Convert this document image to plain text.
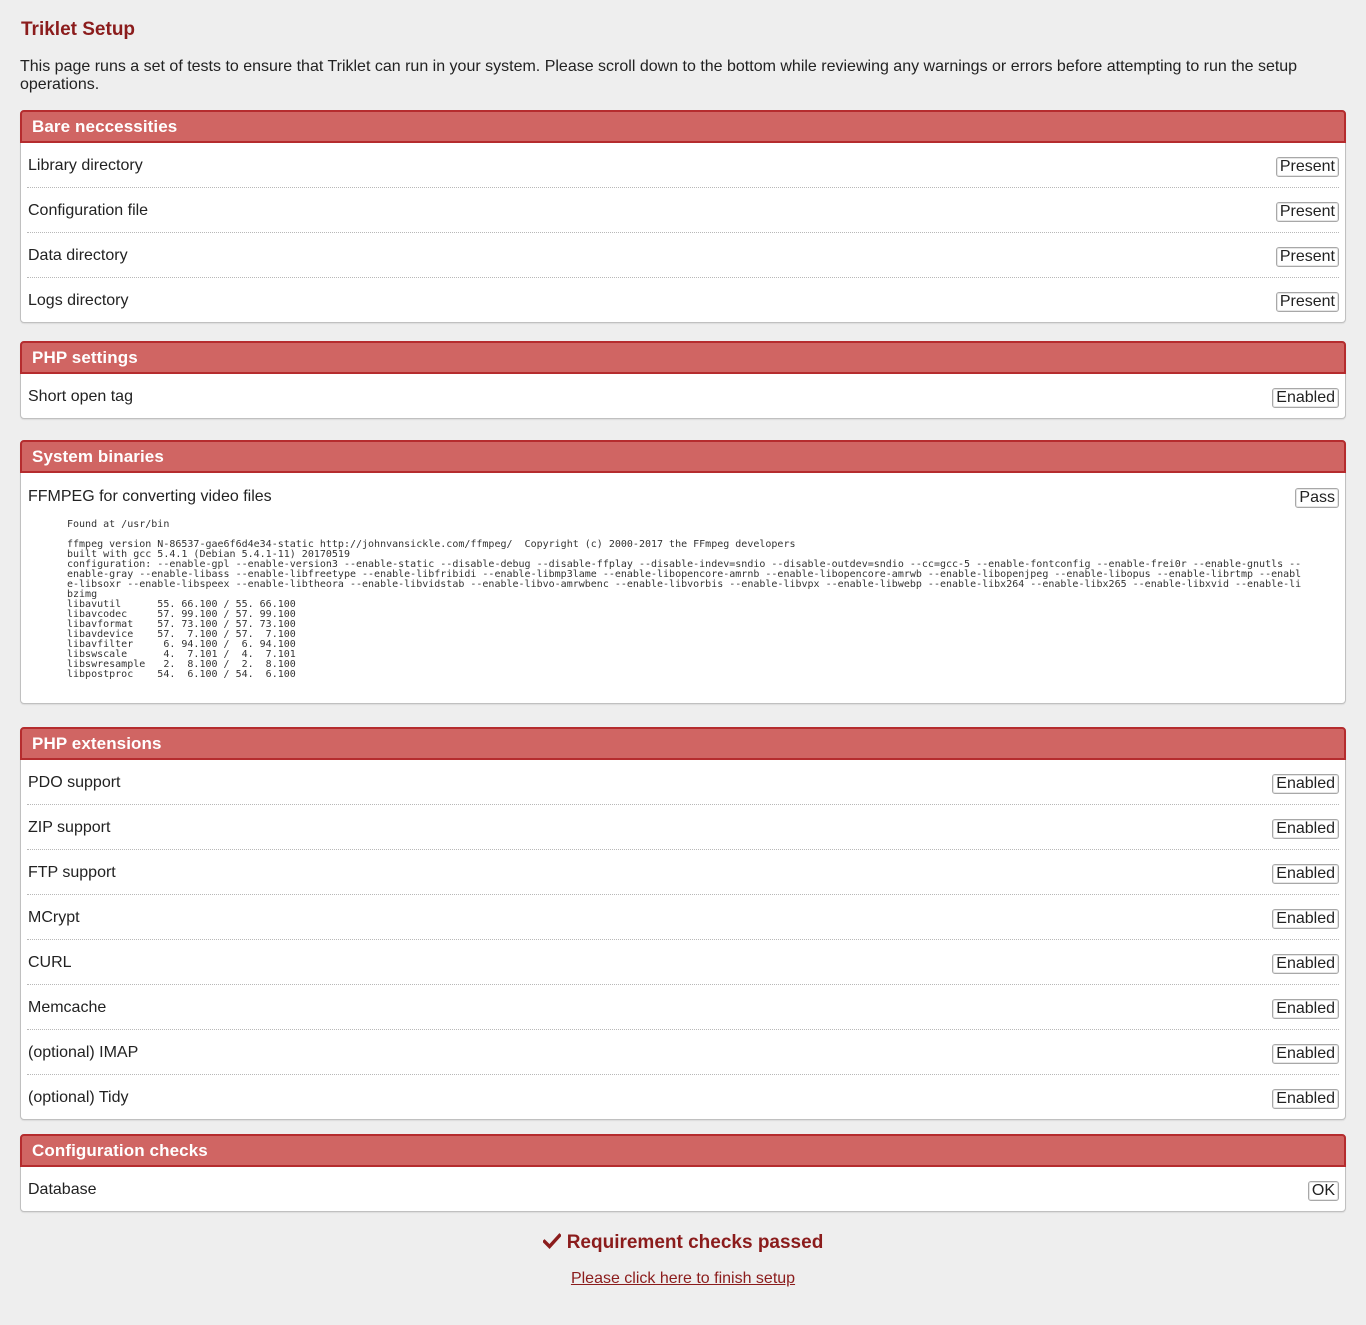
Triklet Setup

This page runs a set of tests to ensure that Triklet can run in your system. Please scroll down to the bottom while reviewing any warnings or errors before attempting to run the setup operations.

Bare neccessities
Library directory	Present
Configuration file	Present
Data directory	Present
Logs directory	Present
PHP settings
Short open tag	Enabled
System binaries
FFMPEG for converting video files	Pass
Found at /usr/bin
ffmpeg version N-86537-gae6f6d4e34-static http://johnvansickle.com/ffmpeg/  Copyright (c) 2000-2017 the FFmpeg developers
built with gcc 5.4.1 (Debian 5.4.1-11) 20170519
configuration: --enable-gpl --enable-version3 --enable-static --disable-debug --disable-ffplay --disable-indev=sndio --disable-outdev=sndio --cc=gcc-5 --enable-fontconfig --enable-frei0r --enable-gnutls --enable-gray --enable-libass --enable-libfreetype --enable-libfribidi --enable-libmp3lame --enable-libopencore-amrnb --enable-libopencore-amrwb --enable-libopenjpeg --enable-libopus --enable-librtmp --enable-libsoxr --enable-libspeex --enable-libtheora --enable-libvidstab --enable-libvo-amrwbenc --enable-libvorbis --enable-libvpx --enable-libwebp --enable-libx264 --enable-libx265 --enable-libxvid --enable-libzimg
libavutil      55. 66.100 / 55. 66.100
libavcodec     57. 99.100 / 57. 99.100
libavformat    57. 73.100 / 57. 73.100
libavdevice    57.  7.100 / 57.  7.100
libavfilter     6. 94.100 /  6. 94.100
libswscale      4.  7.101 /  4.  7.101
libswresample   2.  8.100 /  2.  8.100
libpostproc    54.  6.100 / 54.  6.100
PHP extensions
PDO support	Enabled
ZIP support	Enabled
FTP support	Enabled
MCrypt	Enabled
CURL	Enabled
Memcache	Enabled
(optional) IMAP	Enabled
(optional) Tidy	Enabled
Configuration checks
Database	OK
Requirement checks passed
Please click here to finish setup
